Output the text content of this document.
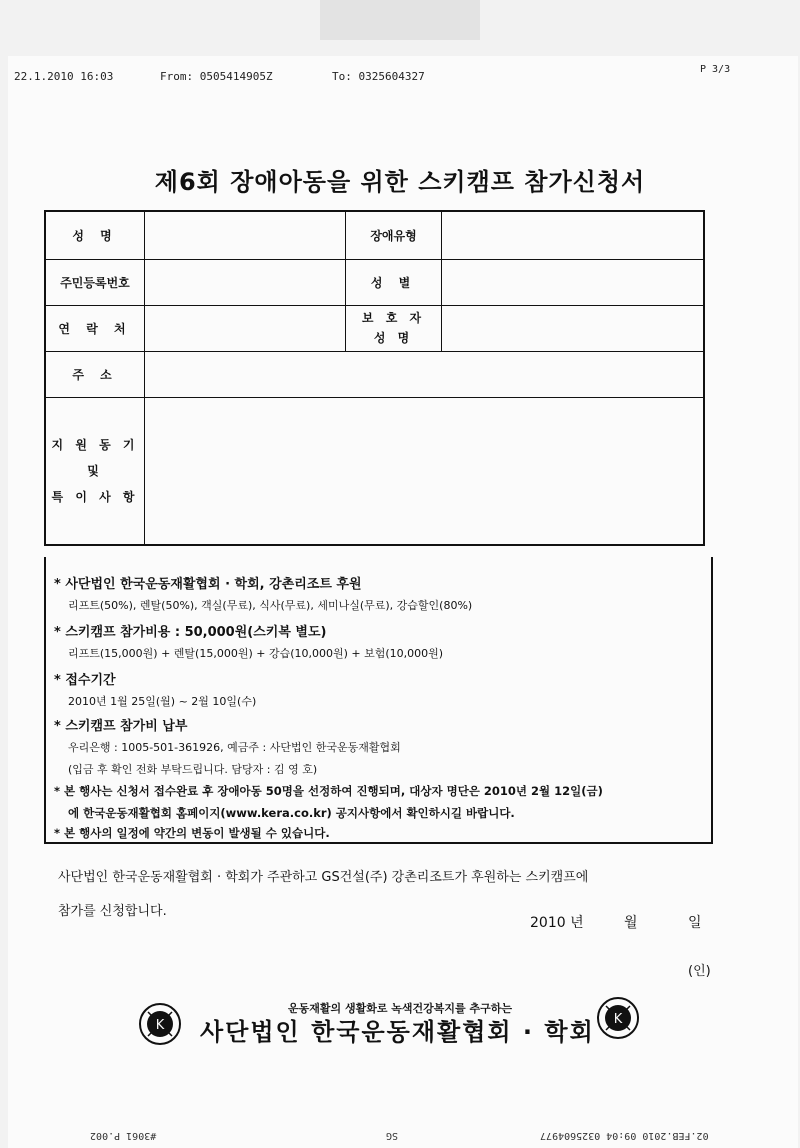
22.1.2010 16:03	From: 0505414905Z	To: 0325604327
P 3/3
제6회 장애아동을 위한 스키캠프 참가신청서
성 명		장애유형	
주민등록번호		성 별	
연 락 처		보 호 자
성 명	

주 소			

지 원 동 기
및
특 이 사 항			

* 사단법인 한국운동재활협회 · 학회, 강촌리조트 후원
리프트(50%), 렌탈(50%), 객실(무료), 식사(무료), 세미나실(무료), 강습할인(80%)
* 스키캠프 참가비용 : 50,000원(스키복 별도)
리프트(15,000원) + 렌탈(15,000원) + 강습(10,000원) + 보험(10,000원)
* 접수기간
2010년 1월 25일(월) ~ 2월 10일(수)
* 스키캠프 참가비 납부
우리은행 : 1005-501-361926, 예금주 : 사단법인 한국운동재활협회
(입금 후 확인 전화 부탁드립니다. 담당자 : 김 영 호)
* 본 행사는 신청서 접수완료 후 장애아동 50명을 선정하여 진행되며, 대상자 명단은 2010년 2월 12일(금)
에 한국운동재활협회 홈페이지(www.kera.co.kr) 공지사항에서 확인하시길 바랍니다.
* 본 행사의 일정에 약간의 변동이 발생될 수 있습니다.
사단법인 한국운동재활협회 · 학회가 주관하고 GS건설(주) 강촌리조트가 후원하는 스키캠프에
참가를 신청합니다.
2010 년	월	일
(인)
운동재활의 생활화로 녹색건강복지를 추구하는
사단법인 한국운동재활협회 · 학회
K	K
#3061 P.002	SG	02.FEB.2010 09:04 0325604977
